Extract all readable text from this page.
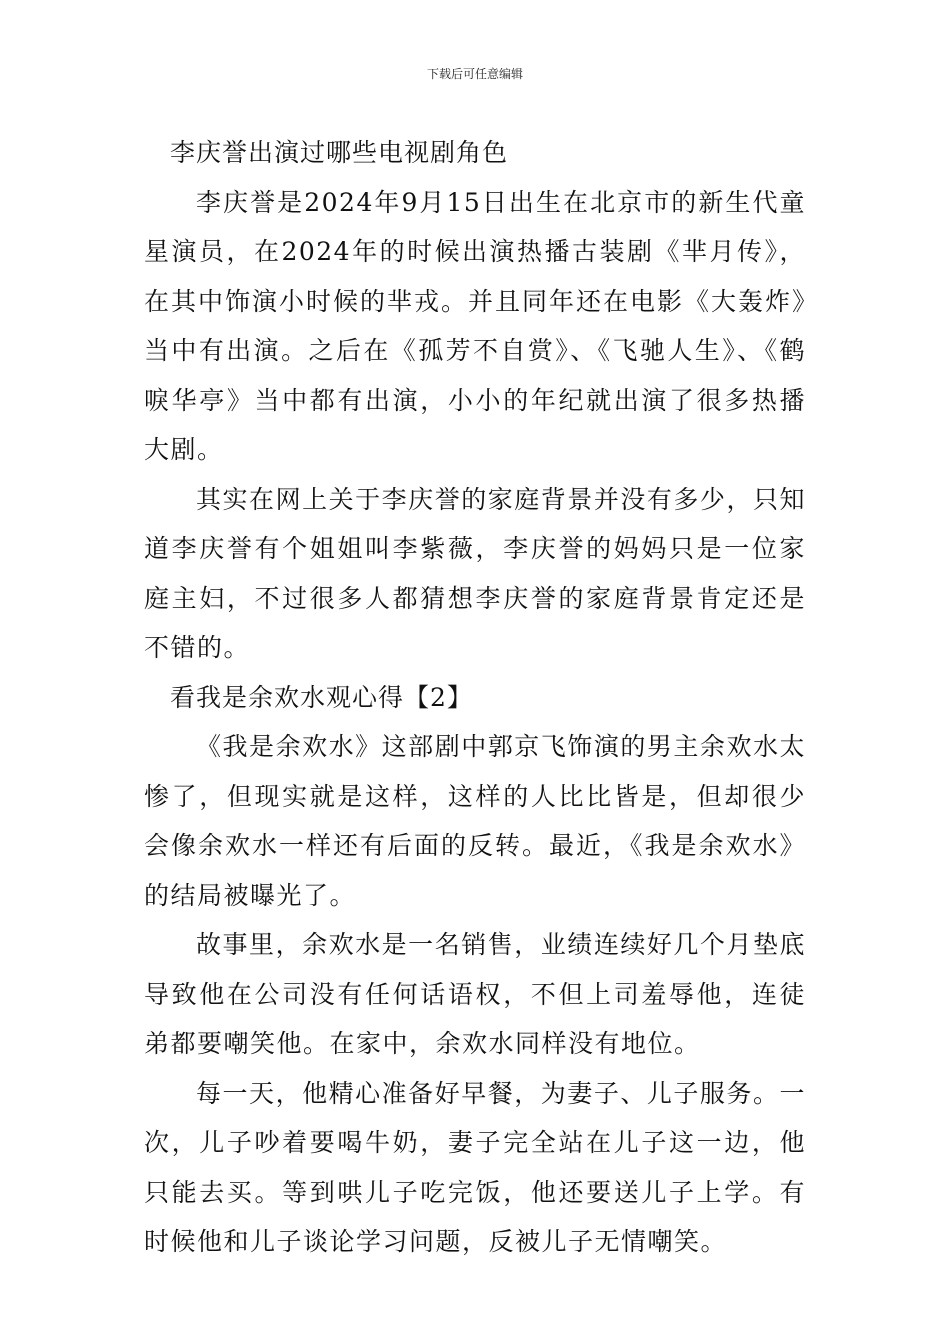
下载后可任意编辑

李庆誉出演过哪些电视剧角色

李庆誉是2024年9月15日出生在北京市的新生代童星演员，在2024年的时候出演热播古装剧《芈月传》，在其中饰演小时候的芈戎。并且同年还在电影《大轰炸》当中有出演。之后在《孤芳不自赏》、《飞驰人生》、《鹤唳华亭》当中都有出演，小小的年纪就出演了很多热播大剧。

其实在网上关于李庆誉的家庭背景并没有多少，只知道李庆誉有个姐姐叫李紫薇，李庆誉的妈妈只是一位家庭主妇，不过很多人都猜想李庆誉的家庭背景肯定还是不错的。

看我是余欢水观心得【2】

《我是余欢水》这部剧中郭京飞饰演的男主余欢水太惨了，但现实就是这样，这样的人比比皆是，但却很少会像余欢水一样还有后面的反转。最近，《我是余欢水》的结局被曝光了。

故事里，余欢水是一名销售，业绩连续好几个月垫底导致他在公司没有任何话语权，不但上司羞辱他，连徒弟都要嘲笑他。在家中，余欢水同样没有地位。

每一天，他精心准备好早餐，为妻子、儿子服务。一次，儿子吵着要喝牛奶，妻子完全站在儿子这一边，他只能去买。等到哄儿子吃完饭，他还要送儿子上学。有时候他和儿子谈论学习问题，反被儿子无情嘲笑。
